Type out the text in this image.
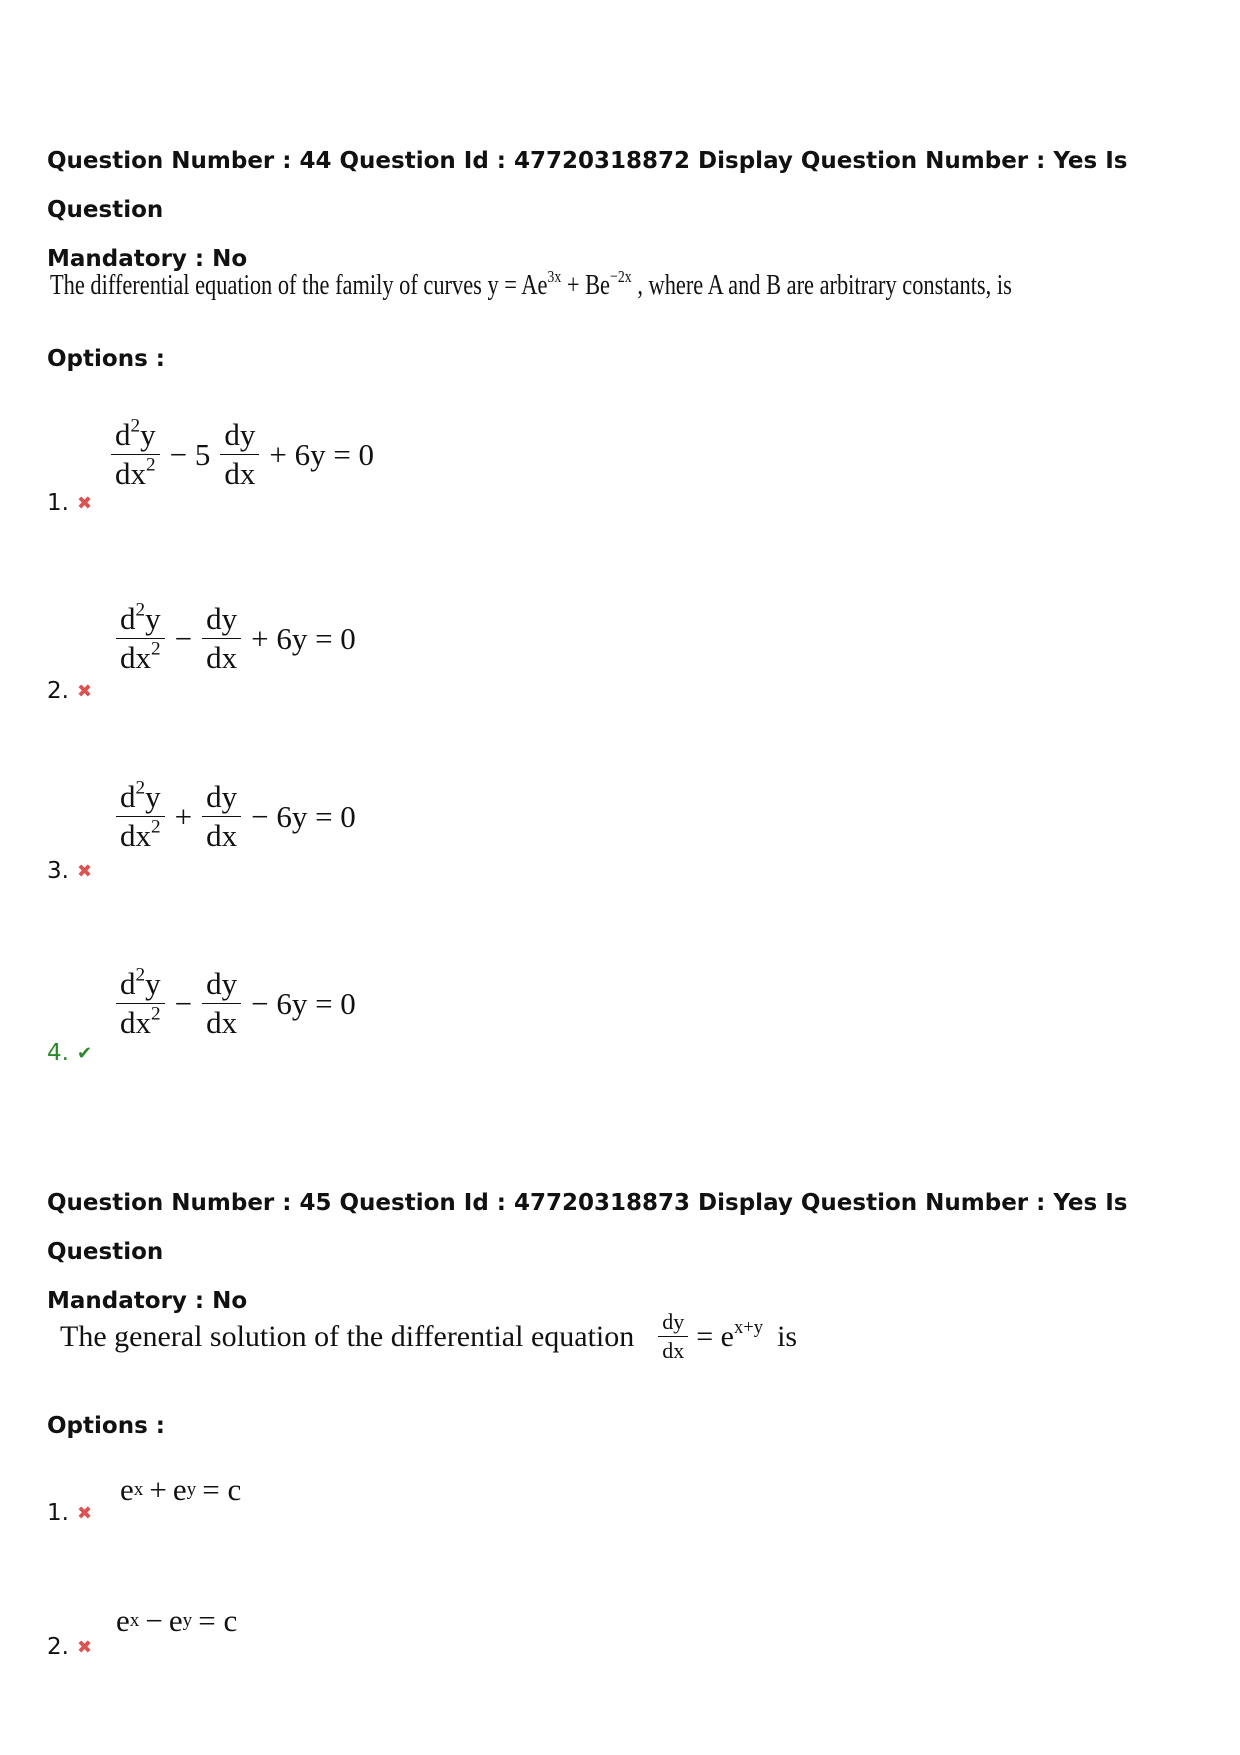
Question Number : 44 Question Id : 47720318872 Display Question Number : Yes Is Question
Mandatory : No
The differential equation of the family of curves $y = Ae^{3x} + Be^{-2x}$ , where A and B are arbitrary constants, is
Options :
$\frac{d^2y}{dx^2} - 5 \frac{dy}{dx} + 6y = 0$
1. ✖
$\frac{d^2y}{dx^2} - \frac{dy}{dx} + 6y = 0$
2. ✖
$\frac{d^2y}{dx^2} + \frac{dy}{dx} - 6y = 0$
3. ✖
$\frac{d^2y}{dx^2} - \frac{dy}{dx} - 6y = 0$
4. ✔
Question Number : 45 Question Id : 47720318873 Display Question Number : Yes Is Question
Mandatory : No
The general solution of the differential equation $\frac{dy}{dx} = e^{x+y}$ is
Options :
e x + e y = c
1. ✖
e x − e y = c
2. ✖
